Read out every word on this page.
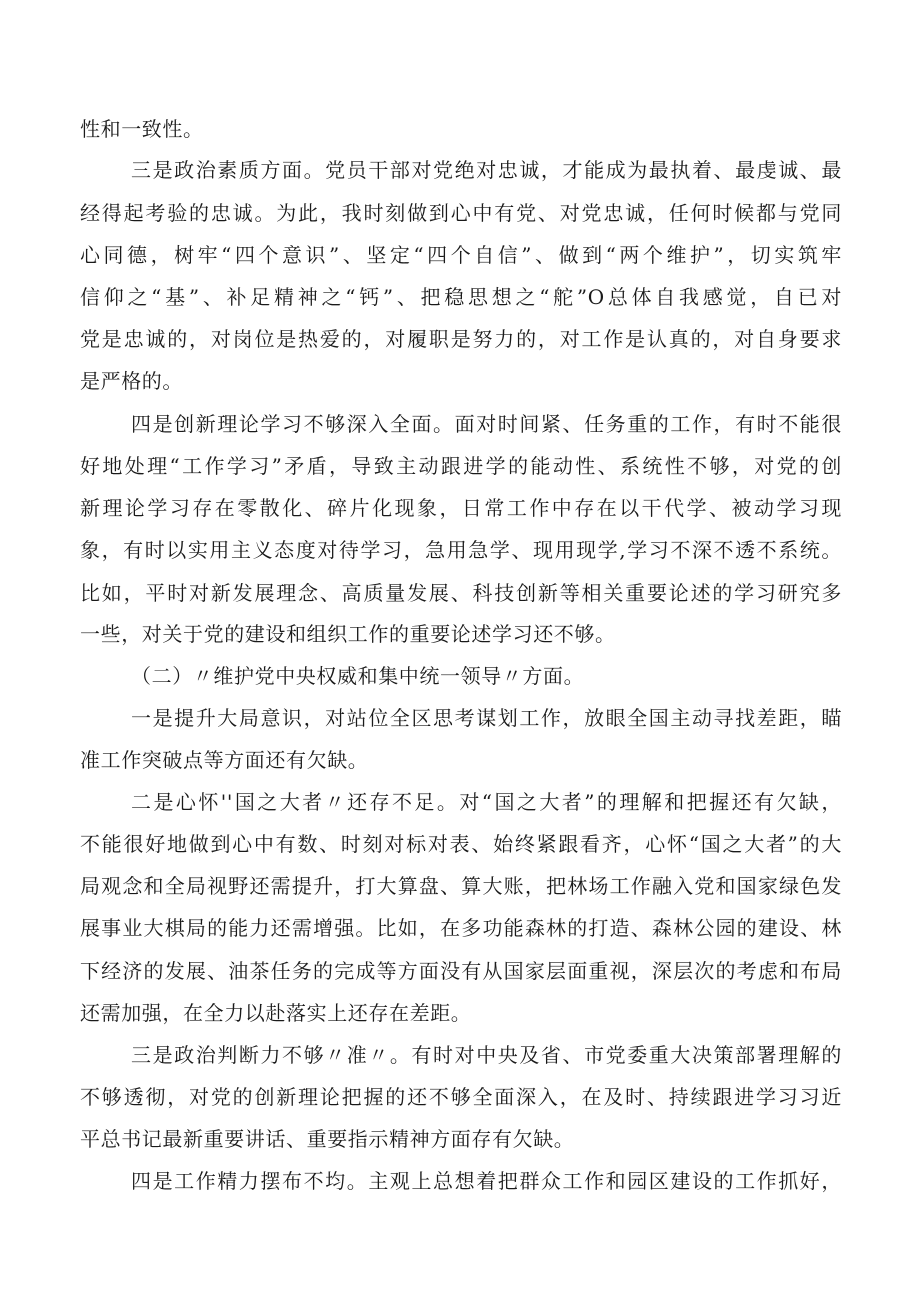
性和一致性。
三是政治素质方面。党员干部对党绝对忠诚，才能成为最执着、最虔诚、最
经得起考验的忠诚。为此，我时刻做到心中有党、对党忠诚，任何时候都与党同
心同德，树牢“四个意识”、坚定“四个自信”、做到“两个维护”，切实筑牢
信仰之“基”、补足精神之“钙”、把稳思想之“舵”O总体自我感觉，自已对
党是忠诚的，对岗位是热爱的，对履职是努力的，对工作是认真的，对自身要求
是严格的。
四是创新理论学习不够深入全面。面对时间紧、任务重的工作，有时不能很
好地处理“工作学习”矛盾，导致主动跟进学的能动性、系统性不够，对党的创
新理论学习存在零散化、碎片化现象，日常工作中存在以干代学、被动学习现
象，有时以实用主义态度对待学习，急用急学、现用现学,学习不深不透不系统。
比如，平时对新发展理念、高质量发展、科技创新等相关重要论述的学习研究多
一些，对关于党的建设和组织工作的重要论述学习还不够。
（二）〃维护党中央权威和集中统一领导〃方面。
一是提升大局意识，对站位全区思考谋划工作，放眼全国主动寻找差距，瞄
准工作突破点等方面还有欠缺。
二是心怀''国之大者〃还存不足。对“国之大者”的理解和把握还有欠缺，
不能很好地做到心中有数、时刻对标对表、始终紧跟看齐，心怀“国之大者”的大
局观念和全局视野还需提升，打大算盘、算大账，把林场工作融入党和国家绿色发
展事业大棋局的能力还需增强。比如，在多功能森林的打造、森林公园的建设、林
下经济的发展、油茶任务的完成等方面没有从国家层面重视，深层次的考虑和布局
还需加强，在全力以赴落实上还存在差距。
三是政治判断力不够〃准〃。有时对中央及省、市党委重大决策部署理解的
不够透彻，对党的创新理论把握的还不够全面深入，在及时、持续跟进学习习近
平总书记最新重要讲话、重要指示精神方面存有欠缺。
四是工作精力摆布不均。主观上总想着把群众工作和园区建设的工作抓好，
